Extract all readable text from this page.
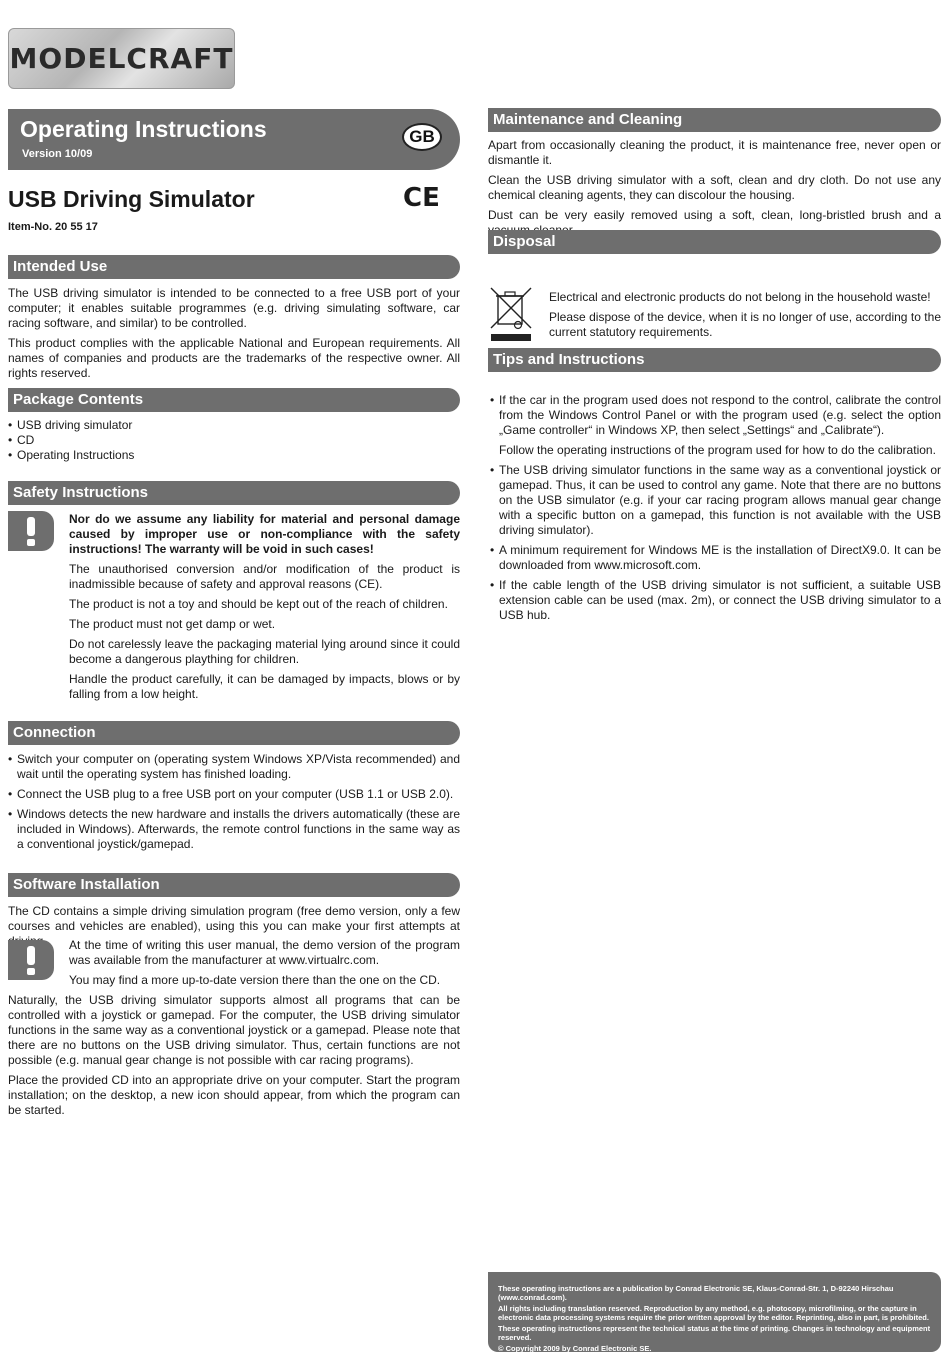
MODELCRAFT
Operating Instructions
Version 10/09
GB
USB Driving Simulator	CE
Item-No. 20 55 17
Intended Use

The USB driving simulator is intended to be connected to a free USB port of your computer; it enables suitable programmes (e.g. driving simulating software, car racing software, and similar) to be controlled.

This product complies with the applicable National and European requirements. All names of companies and products are the trademarks of the respective owner. All rights reserved.

Package Contents
• USB driving simulator
• CD
• Operating Instructions
Safety Instructions

Nor do we assume any liability for material and personal damage caused by improper use or non-compliance with the safety instructions! The warranty will be void in such cases!

The unauthorised conversion and/or modification of the product is inadmissible because of safety and approval reasons (CE).

The product is not a toy and should be kept out of the reach of children.

The product must not get damp or wet.

Do not carelessly leave the packaging material lying around since it could become a dangerous plaything for children.

Handle the product carefully, it can be damaged by impacts, blows or by falling from a low height.

Connection
• Switch your computer on (operating system Windows XP/Vista recommended) and wait until the operating system has finished loading.
• Connect the USB plug to a free USB port on your computer (USB 1.1 or USB 2.0).
• Windows detects the new hardware and installs the drivers automatically (these are included in Windows). Afterwards, the remote control functions in the same way as a conventional joystick/gamepad.
Software Installation

The CD contains a simple driving simulation program (free demo version, only a few courses and vehicles are enabled), using this you can make your first attempts at

At the time of writing this user manual, the demo version of the program was available from the manufacturer at www.virtualrc.com.

You may find a more up-to-date version there than the one on the CD.

Naturally, the USB driving simulator supports almost all programs that can be controlled with a joystick or gamepad. For the computer, the USB driving simulator functions in the same way as a conventional joystick or a gamepad. Please note that there are no buttons on the USB driving simulator. Thus, certain functions are not possible (e.g. manual gear change is not possible with car racing programs).

Place the provided CD into an appropriate drive on your computer. Start the program installation; on the desktop, a new icon should appear, from which the program can be started.

Maintenance and Cleaning

Apart from occasionally cleaning the product, it is maintenance free, never open or dismantle it.

Clean the USB driving simulator with a soft, clean and dry cloth. Do not use any chemical cleaning agents, they can discolour the housing.

Dust can be very easily removed using a soft, clean, long-bristled brush and a

Disposal

Electrical and electronic products do not belong in the household waste!

Please dispose of the device, when it is no longer of use, according to the current statutory requirements.

Tips and Instructions
• If the car in the program used does not respond to the control, calibrate the control from the Windows Control Panel or with the program used (e.g. select the option „Game controller“ in Windows XP, then select „Settings“ and „Calibrate“).
Follow the operating instructions of the program used for how to do the calibration.
• The USB driving simulator functions in the same way as a conventional joystick or gamepad. Thus, it can be used to control any game. Note that there are no buttons on the USB simulator (e.g. if your car racing program allows manual gear change with a specific button on a gamepad, this function is not available with the USB driving simulator).
• A minimum requirement for Windows ME is the installation of DirectX9.0. It can be downloaded from www.microsoft.com.
• If the cable length of the USB driving simulator is not sufficient, a suitable USB extension cable can be used (max. 2m), or connect the USB driving simulator to a USB hub.
These operating instructions are a publication by Conrad Electronic SE, Klaus-Conrad-Str. 1, D-92240 Hirschau (www.conrad.com).
All rights including translation reserved. Reproduction by any method, e.g. photocopy, microfilming, or the capture in electronic data processing systems require the prior written approval by the editor. Reprinting, also in part, is prohibited.
These operating instructions represent the technical status at the time of printing. Changes in technology and equipment reserved.
© Copyright 2009 by Conrad Electronic SE.
